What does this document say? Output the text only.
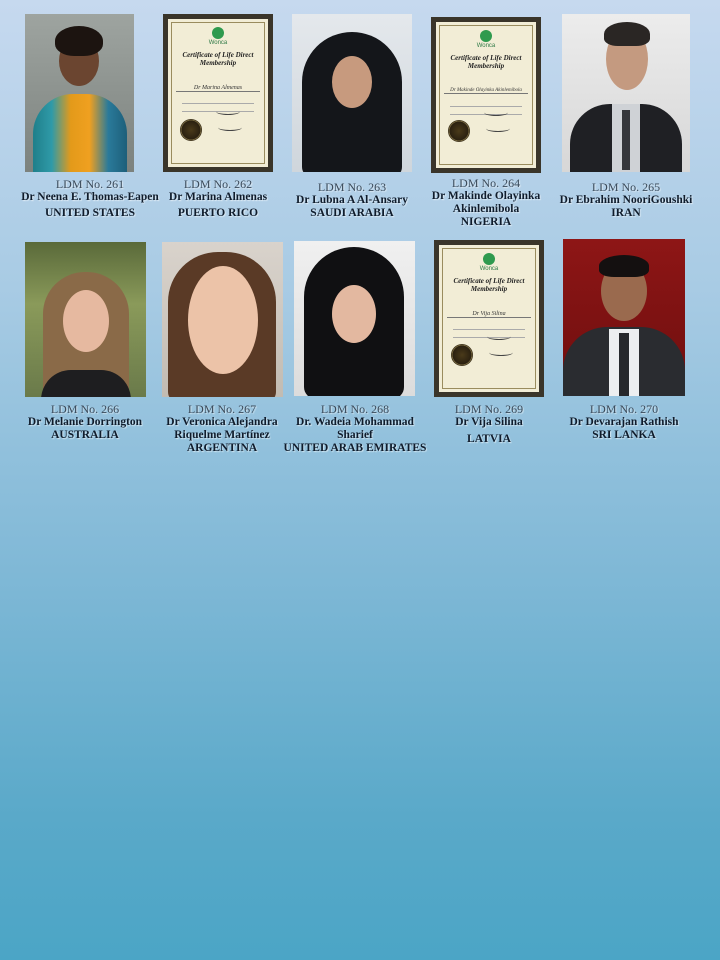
LDM No. 261
Dr Neena E. Thomas-Eapen
UNITED STATES
Wonca
Certificate of Life Direct
Membership
Dr Marina Almenas
LDM No. 262
Dr Marina Almenas
PUERTO RICO
LDM No. 263
Dr Lubna A Al-Ansary
SAUDI ARABIA
Wonca
Certificate of Life Direct
Membership
Dr Makinde Olayinka Akinlemibola
LDM No. 264
Dr Makinde Olayinka
Akinlemibola
NIGERIA
LDM No. 265
Dr Ebrahim NooriGoushki
IRAN
LDM No. 266
Dr Melanie Dorrington
AUSTRALIA
LDM No. 267
Dr Veronica Alejandra
Riquelme Martínez
ARGENTINA
LDM No. 268
Dr. Wadeia Mohammad
Sharief
UNITED ARAB EMIRATES
Wonca
Certificate of Life Direct
Membership
Dr Vija Silina
LDM No. 269
Dr Vija Silina
LATVIA
LDM No. 270
Dr Devarajan Rathish
SRI LANKA
